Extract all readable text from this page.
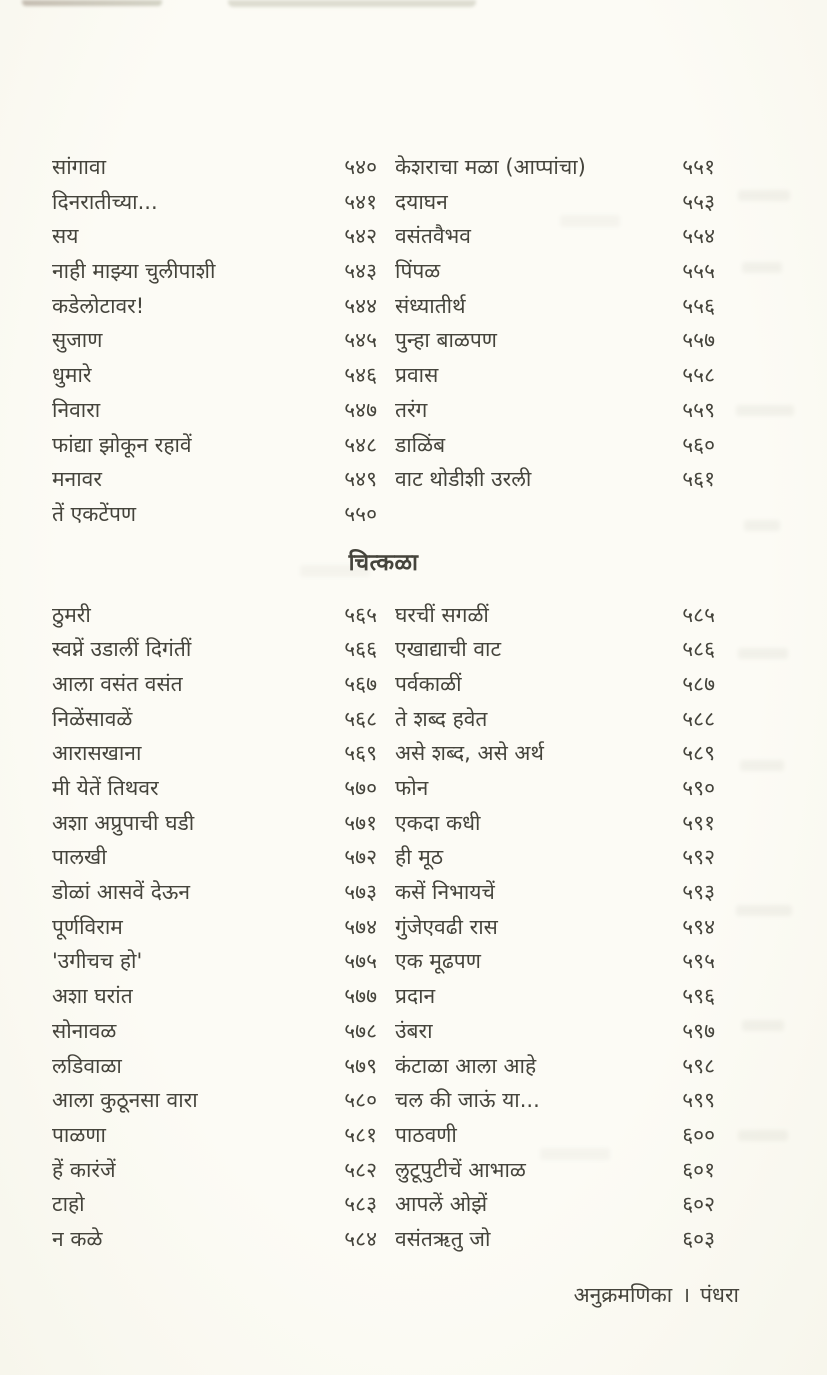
सांगावा	५४० केशराचा मळा (आप्पांचा)	५५१
दिनरातीच्या...	५४१ दयाघन	५५३
सय	५४२ वसंतवैभव	५५४
नाही माझ्या चुलीपाशी	५४३ पिंपळ	५५५
कडेलोटावर!	५४४ संध्यातीर्थ	५५६
सुजाण	५४५ पुन्हा बाळपण	५५७
धुमारे	५४६ प्रवास	५५८
निवारा	५४७ तरंग	५५९
फांद्या झोकून रहावें	५४८ डाळिंब	५६०
मनावर	५४९ वाट थोडीशी उरली	५६१
तें एकटेंपण	५५०
चित्कळा
ठुमरी	५६५ घरचीं सगळीं	५८५
स्वप्नें उडालीं दिगंतीं	५६६ एखाद्याची वाट	५८६
आला वसंत वसंत	५६७ पर्वकाळीं	५८७
निळेंसावळें	५६८ ते शब्द हवेत	५८८
आरासखाना	५६९ असे शब्द, असे अर्थ	५८९
मी येतें तिथवर	५७० फोन	५९०
अशा अप्रुपाची घडी	५७१ एकदा कधी	५९१
पालखी	५७२ ही मूठ	५९२
डोळां आसवें देऊन	५७३ कसें निभायचें	५९३
पूर्णविराम	५७४ गुंजेएवढी रास	५९४
'उगीचच हो'	५७५ एक मूढपण	५९५
अशा घरांत	५७७ प्रदान	५९६
सोनावळ	५७८ उंबरा	५९७
लडिवाळा	५७९ कंटाळा आला आहे	५९८
आला कुठूनसा वारा	५८० चल की जाऊं या...	५९९
पाळणा	५८१ पाठवणी	६००
हें कारंजें	५८२ लुटूपुटीचें आभाळ	६०१
टाहो	५८३ आपलें ओझें	६०२
न कळे	५८४ वसंतऋतु जो	६०३
अनुक्रमणिका । पंधरा
